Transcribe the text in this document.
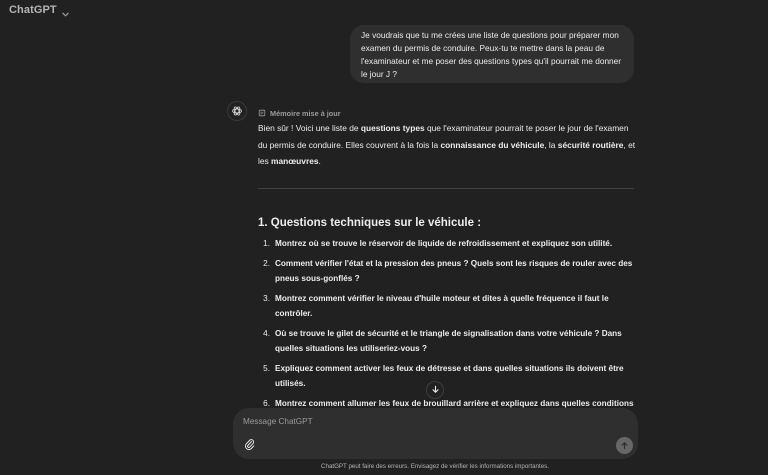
ChatGPT
Je voudrais que tu me crées une liste de questions pour préparer mon examen du permis de conduire. Peux-tu te mettre dans la peau de l'examinateur et me poser des questions types qu'il pourrait me donner le jour J ?
Mémoire mise à jour
Bien sûr ! Voici une liste de questions types que l'examinateur pourrait te poser le jour de l'examen du permis de conduire. Elles couvrent à la fois la connaissance du véhicule, la sécurité routière, et les manœuvres.
1. Questions techniques sur le véhicule :
1. Montrez où se trouve le réservoir de liquide de refroidissement et expliquez son utilité.
2. Comment vérifier l'état et la pression des pneus ? Quels sont les risques de rouler avec des pneus sous-gonflés ?
3. Montrez comment vérifier le niveau d'huile moteur et dites à quelle fréquence il faut le contrôler.
4. Où se trouve le gilet de sécurité et le triangle de signalisation dans votre véhicule ? Dans quelles situations les utiliseriez-vous ?
5. Expliquez comment activer les feux de détresse et dans quelles situations ils doivent être utilisés.
6. Montrez comment allumer les feux de brouillard arrière et expliquez dans quelles conditions
Message ChatGPT
ChatGPT peut faire des erreurs. Envisagez de vérifier les informations importantes.
